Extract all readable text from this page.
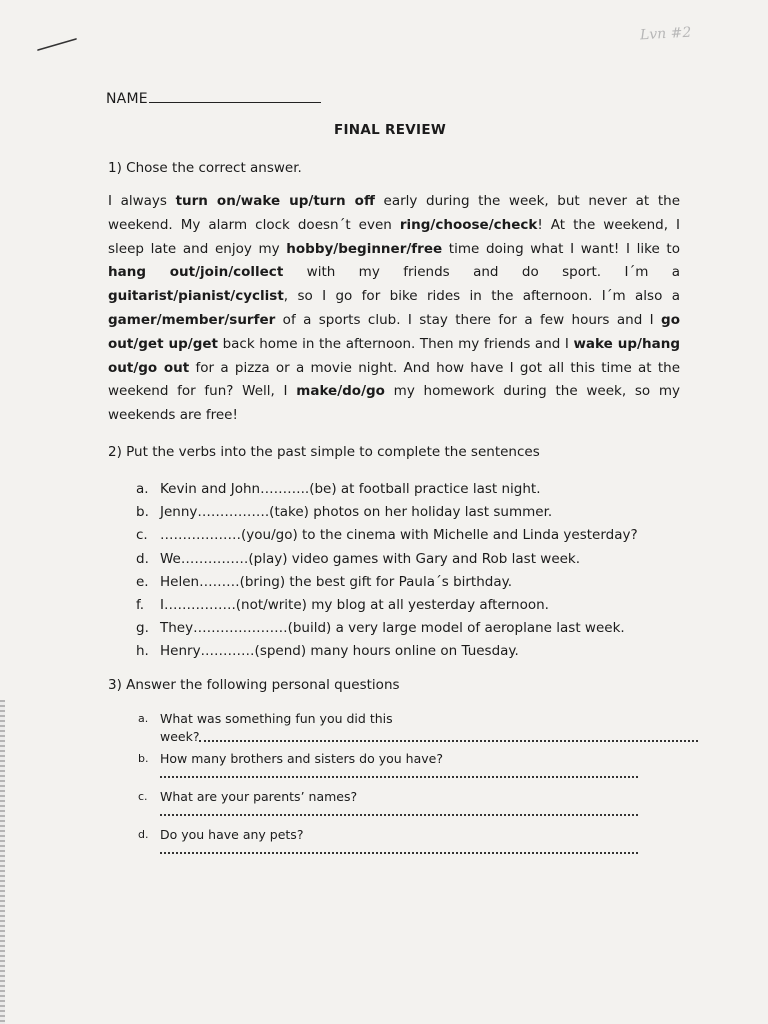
Lvn #2
NAME
FINAL REVIEW
1) Chose the correct answer.
I always turn on/wake up/turn off early during the week, but never at the weekend. My alarm clock doesn´t even ring/choose/check! At the weekend, I sleep late and enjoy my hobby/beginner/free time doing what I want! I like to hang out/join/collect with my friends and do sport. I´m a guitarist/pianist/cyclist, so I go for bike rides in the afternoon. I´m also a gamer/member/surfer of a sports club. I stay there for a few hours and I go out/get up/get back home in the afternoon. Then my friends and I wake up/hang out/go out for a pizza or a movie night. And how have I got all this time at the weekend for fun? Well, I make/do/go my homework during the week, so my weekends are free!
2) Put the verbs into the past simple to complete the sentences
a. Kevin and John………..(be) at football practice last night.
b. Jenny…………….(take) photos on her holiday last summer.
c. ………………(you/go) to the cinema with Michelle and Linda yesterday?
d. We……………(play) video games with Gary and Rob last week.
e. Helen………(bring) the best gift for Paula´s birthday.
f.	I…………….(not/write) my blog at all yesterday afternoon.
g. They…………………(build) a very large model of aeroplane last week.
h. Henry…………(spend) many hours online on Tuesday.
3) Answer the following personal questions
a. What was something fun you did this
week?
b. How many brothers and sisters do you have?
c. What are your parents’ names?
d. Do you have any pets?
